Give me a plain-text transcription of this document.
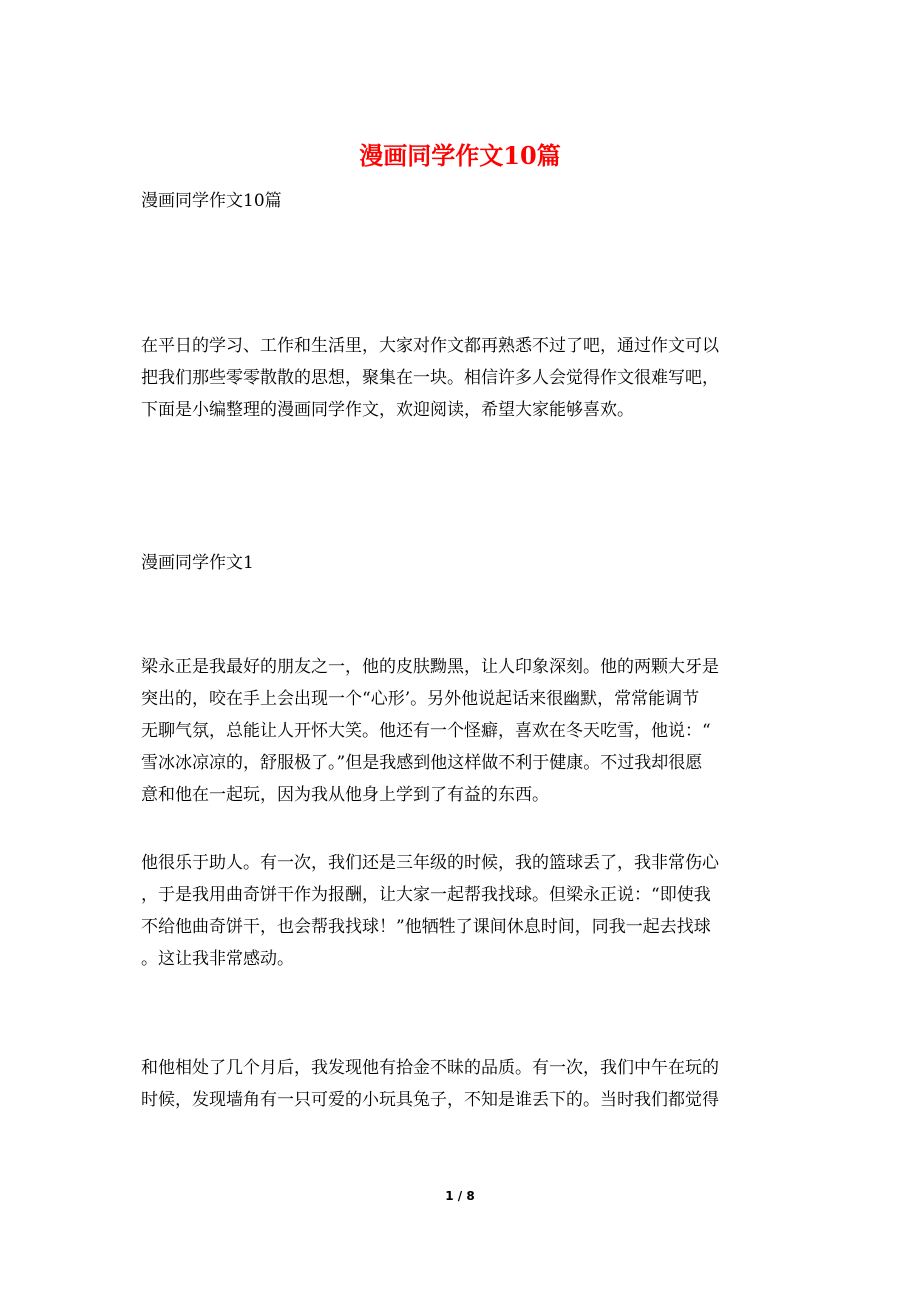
漫画同学作文10篇
漫画同学作文10篇
在平日的学习、工作和生活里，大家对作文都再熟悉不过了吧，通过作文可以
把我们那些零零散散的思想，聚集在一块。相信许多人会觉得作文很难写吧，
下面是小编整理的漫画同学作文，欢迎阅读，希望大家能够喜欢。
漫画同学作文1
梁永正是我最好的朋友之一，他的皮肤黝黑，让人印象深刻。他的两颗大牙是
突出的，咬在手上会出现一个“心形’。另外他说起话来很幽默，常常能调节
无聊气氛，总能让人开怀大笑。他还有一个怪癖，喜欢在冬天吃雪，他说：“
雪冰冰凉凉的，舒服极了。”但是我感到他这样做不利于健康。不过我却很愿
意和他在一起玩，因为我从他身上学到了有益的东西。
他很乐于助人。有一次，我们还是三年级的时候，我的篮球丢了，我非常伤心
，于是我用曲奇饼干作为报酬，让大家一起帮我找球。但梁永正说：“即使我
不给他曲奇饼干，也会帮我找球！”他牺牲了课间休息时间，同我一起去找球
。这让我非常感动。
和他相处了几个月后，我发现他有拾金不昧的品质。有一次，我们中午在玩的
时候，发现墙角有一只可爱的小玩具兔子，不知是谁丢下的。当时我们都觉得
1 / 8
